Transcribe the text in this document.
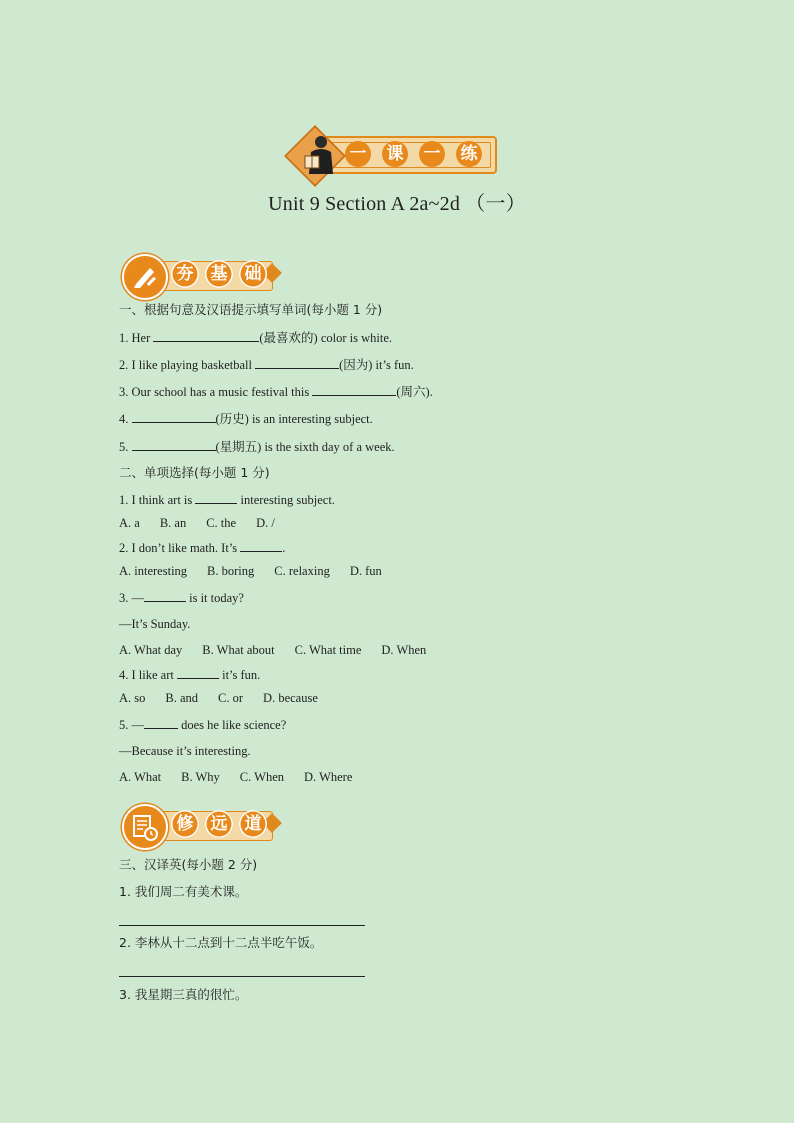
一 课 一 练
Unit 9 Section A 2a~2d （一）
夯	基	础
一、根据句意及汉语提示填写单词(每小题 1 分)
1. Her	(最喜欢的) color is white.
2. I like playing basketball	(因为) it’s fun.
3. Our school has a music festival this	(周六).
4.	(历史) is an interesting subject.
5.	(星期五) is the sixth day of a week.
二、单项选择(每小题 1 分)
1. I think art is	interesting subject.
A. a B. an C. the D. /
2. I don’t like math. It’s	.
A. interesting B. boring C. relaxing D. fun
3. —	is it today?
—It’s Sunday.
A. What day B. What about C. What time D. When
4. I like art	it’s fun.
A. so B. and C. or D. because
5. —	does he like science?
—Because it’s interesting.
A. What B. Why C. When D. Where
修	远	道
三、汉译英(每小题 2 分)
1. 我们周二有美术课。
2. 李林从十二点到十二点半吃午饭。
3. 我星期三真的很忙。
